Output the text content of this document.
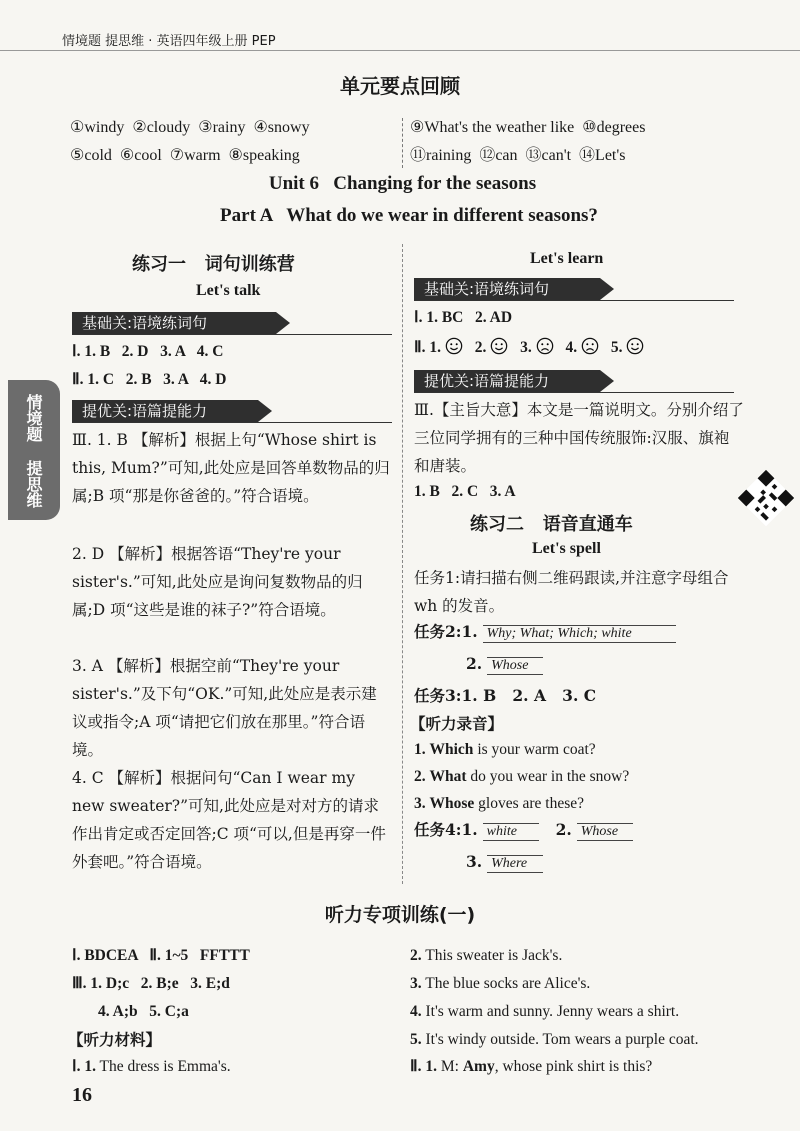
情境题 提思维 · 英语四年级上册 PEP
情境题
提思维
单元要点回顾
①windy  ②cloudy  ③rainy  ④snowy
⑤cold  ⑥cool  ⑦warm  ⑧speaking
⑨What's the weather like  ⑩degrees
⑪raining  ⑫can  ⑬can't  ⑭Let's
Unit 6   Changing for the seasons
Part A   What do we wear in different seasons?
练习一   词句训练营
Let's talk
基础关:语境练词句
Ⅰ. 1. B   2. D   3. A   4. C
Ⅱ. 1. C   2. B   3. A   4. D
提优关:语篇提能力
Ⅲ. 1. B 【解析】根据上句“Whose shirt is this, Mum?”可知,此处应是回答单数物品的归属;B 项“那是你爸爸的。”符合语境。
2. D 【解析】根据答语“They're your sister's.”可知,此处应是询问复数物品的归属;D 项“这些是谁的袜子?”符合语境。
3. A 【解析】根据空前“They're your sister's.”及下句“OK.”可知,此处应是表示建议或指令;A 项“请把它们放在那里。”符合语境。
4. C 【解析】根据问句“Can I wear my new sweater?”可知,此处应是对对方的请求作出肯定或否定回答;C 项“可以,但是再穿一件外套吧。”符合语境。
Let's learn
基础关:语境练词句
Ⅰ. 1. BC   2. AD
Ⅱ. 1. 2. 3. 4. 5.
提优关:语篇提能力
Ⅲ.【主旨大意】本文是一篇说明文。分别介绍了三位同学拥有的三种中国传统服饰:汉服、旗袍和唐装。
1. B   2. C   3. A
练习二   语音直通车
Let's spell
任务1:请扫描右侧二维码跟读,并注意字母组合 wh 的发音。
任务2:1. Why; What; Which; white
2. Whose
任务3:1. B   2. A   3. C
【听力录音】
1. Which is your warm coat?
2. What do you wear in the snow?
3. Whose gloves are these?
任务4:1. white 2. Whose
3. Where
听力专项训练(一)
Ⅰ. BDCEA   Ⅱ. 1~5   FFTTT
Ⅲ. 1. D;c   2. B;e   3. E;d
4. A;b   5. C;a
【听力材料】
Ⅰ. 1. The dress is Emma's.
2. This sweater is Jack's.
3. The blue socks are Alice's.
4. It's warm and sunny. Jenny wears a shirt.
5. It's windy outside. Tom wears a purple coat.
Ⅱ. 1. M: Amy, whose pink shirt is this?
16
